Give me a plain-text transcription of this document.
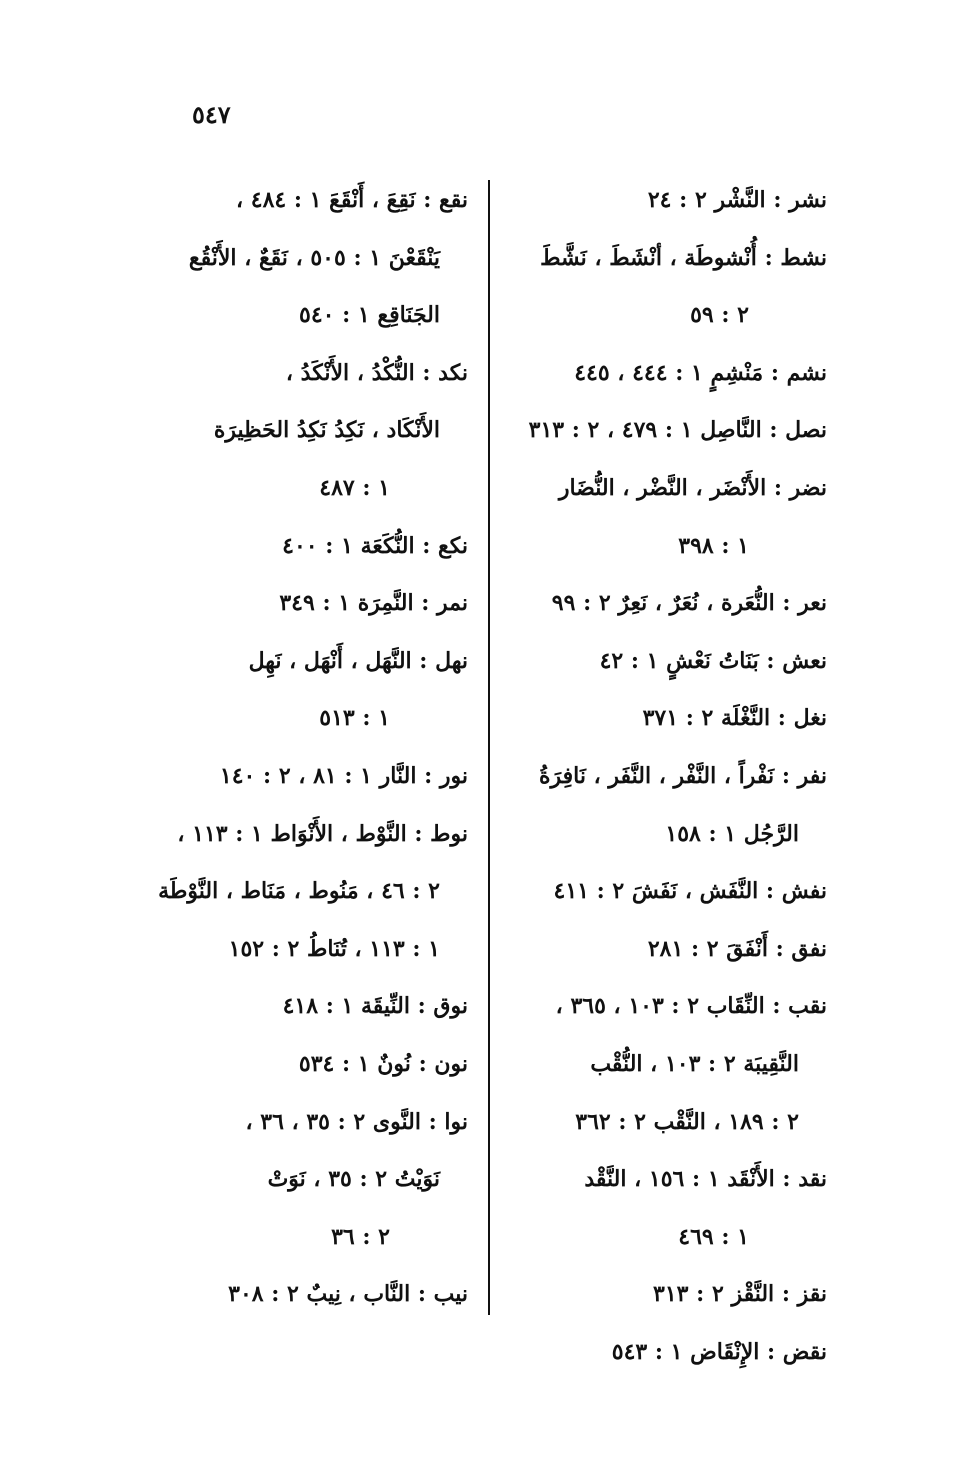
٥٤٧
نشر : النَّشْر ٢ : ٢٤
نشط : أُنْشوطَة ، أنْشَطَ ، نَشَّطَ
٢ : ٥٩
نشم : مَنْشِمٍ ١ : ٤٤٤ ، ٤٤٥
نصل : النَّاصِل ١ : ٤٧٩ ، ٢ : ٣١٣
نضر : الأَنْضَر ، النَّضْر ، النُّضَار
١ : ٣٩٨
نعر : النُّعَرة ، نُعَرٌ ، نَعِرٌ ٢ : ٩٩
نعش : بَنَاتُ نَعْشٍ ١ : ٤٢
نغل : النَّغْلَة ٢ : ٣٧١
نفر : نَفْراً ، النَّفْر ، النَّفَر ، نَافِرَةُ
الرَّجُل ١ : ١٥٨
نفش : النَّفَش ، نَفَشَ ٢ : ٤١١
نفق : أَنْفَقَ ٢ : ٢٨١
نقب : النِّقَاب ٢ : ١٠٣ ، ٣٦٥ ،
النَّقِيبَة ٢ : ١٠٣ ، النُّقْب
٢ : ١٨٩ ، النَّقْب ٢ : ٣٦٢
نقد : الأَنْقَد ١ : ١٥٦ ، النَّقْد
١ : ٤٦٩
نقز : النَّقْز ٢ : ٣١٣
نقض : الإِنْقَاض ١ : ٥٤٣
نقع : نَقِعَ ، أَنْقَعَ ١ : ٤٨٤ ،
يَنْقَعْنَ ١ : ٥٠٥ ، نَقَعٌ ، الأَنْقُع
الجَنَاقِع ١ : ٥٤٠
نكد : النُّكْدُ ، الأَنْكَدُ ،
الأَنْكَاد ، نَكِدُ نَكِدُ الحَظِيرَة
١ : ٤٨٧
نكع : النُّكَعَة ١ : ٤٠٠
نمر : النَّمِرَة ١ : ٣٤٩
نهل : النَّهَل ، أَنْهَل ، نَهِل
١ : ٥١٣
نور : النَّار ١ : ٨١ ، ٢ : ١٤٠
نوط : النَّوْط ، الأَنْوَاط ١ : ١١٣ ،
٢ : ٤٦ ، مَنُوط ، مَنَاط ، النَّوْطَة
١ : ١١٣ ، تُنَاطُ ٢ : ١٥٢
نوق : النِّيقَة ١ : ٤١٨
نون : نُونٌ ١ : ٥٣٤
نوا : النَّوى ٢ : ٣٥ ، ٣٦ ،
نَوَيْتُ ٢ : ٣٥ ، نَوَتْ
٢ : ٣٦
نيب : النَّاب ، نِيبٌ ٢ : ٣٠٨
